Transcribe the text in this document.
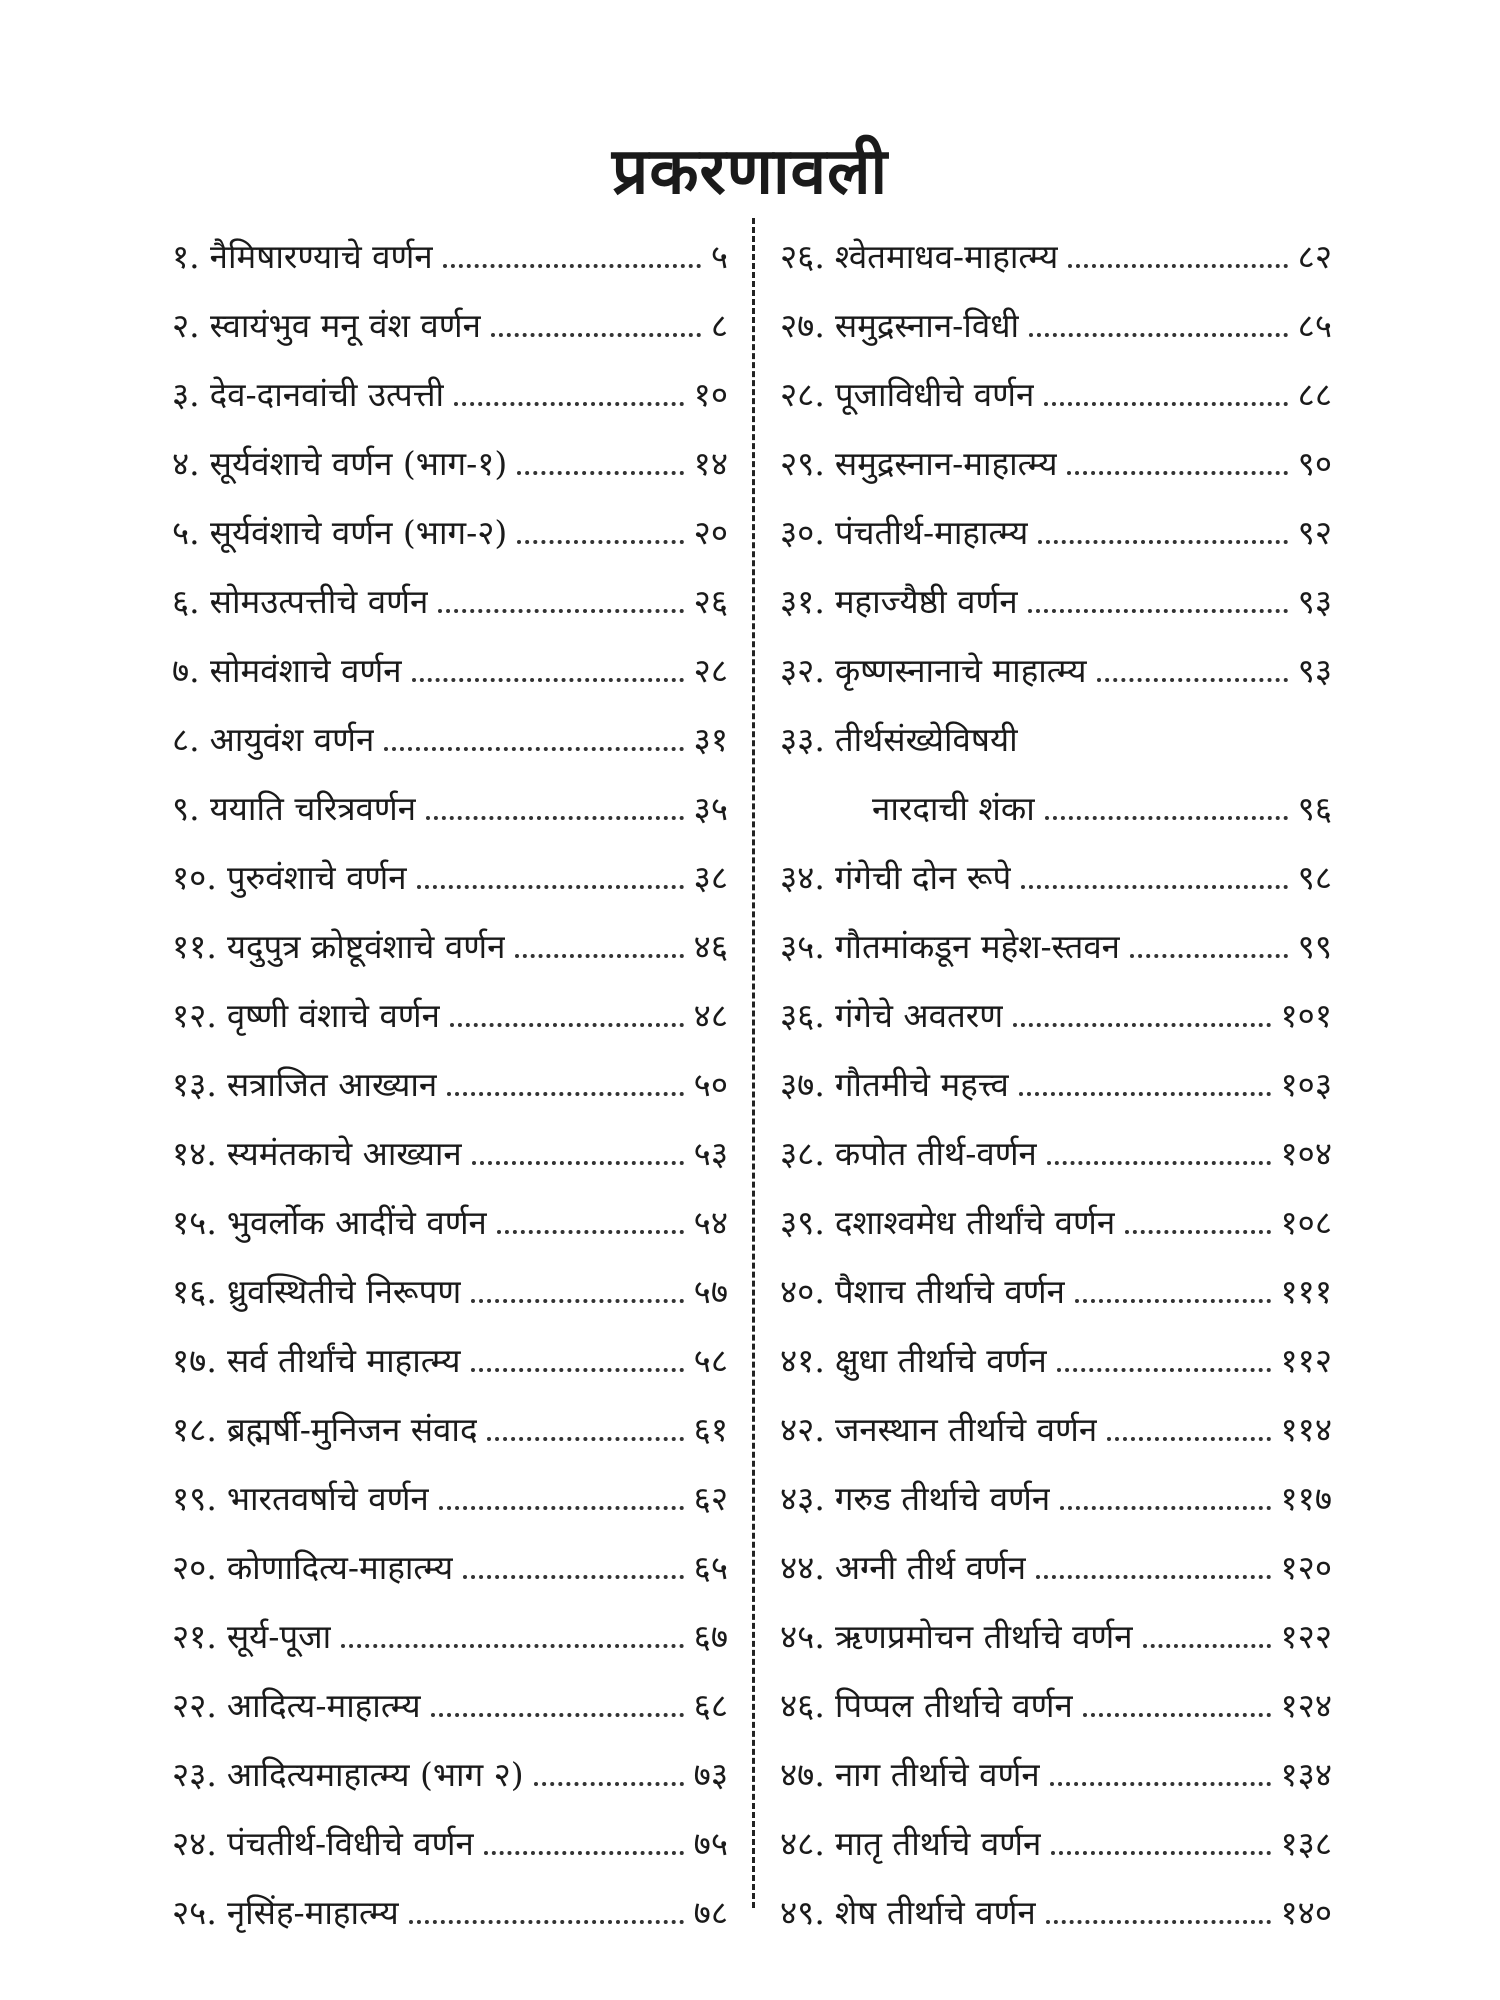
प्रकरणावली
१. नैमिषारण्याचे वर्णन	५
२. स्वायंभुव मनू वंश वर्णन	८
३. देव-दानवांची उत्पत्ती	१०
४. सूर्यवंशाचे वर्णन (भाग-१)	१४
५. सूर्यवंशाचे वर्णन (भाग-२)	२०
६. सोमउत्पत्तीचे वर्णन	२६
७. सोमवंशाचे वर्णन	२८
८. आयुवंश वर्णन	३१
९. ययाति चरित्रवर्णन	३५
१०. पुरुवंशाचे वर्णन	३८
११. यदुपुत्र क्रोष्टूवंशाचे वर्णन	४६
१२. वृष्णी वंशाचे वर्णन	४८
१३. सत्राजित आख्यान	५०
१४. स्यमंतकाचे आख्यान	५३
१५. भुवर्लोक आदींचे वर्णन	५४
१६. ध्रुवस्थितीचे निरूपण	५७
१७. सर्व तीर्थांचे माहात्म्य	५८
१८. ब्रह्मर्षी-मुनिजन संवाद	६१
१९. भारतवर्षाचे वर्णन	६२
२०. कोणादित्य-माहात्म्य	६५
२१. सूर्य-पूजा	६७
२२. आदित्य-माहात्म्य	६८
२३. आदित्यमाहात्म्य (भाग २)	७३
२४. पंचतीर्थ-विधीचे वर्णन	७५
२५. नृसिंह-माहात्म्य	७८
२६. श्वेतमाधव-माहात्म्य	८२
२७. समुद्रस्नान-विधी	८५
२८. पूजाविधीचे वर्णन	८८
२९. समुद्रस्नान-माहात्म्य	९०
३०. पंचतीर्थ-माहात्म्य	९२
३१. महाज्यैष्ठी वर्णन	९३
३२. कृष्णस्नानाचे माहात्म्य	९३
३३. तीर्थसंख्येविषयी
नारदाची शंका	९६
३४. गंगेची दोन रूपे	९८
३५. गौतमांकडून महेश-स्तवन	९९
३६. गंगेचे अवतरण	१०१
३७. गौतमीचे महत्त्व	१०३
३८. कपोत तीर्थ-वर्णन	१०४
३९. दशाश्वमेध तीर्थांचे वर्णन	१०८
४०. पैशाच तीर्थाचे वर्णन	१११
४१. क्षुधा तीर्थाचे वर्णन	११२
४२. जनस्थान तीर्थाचे वर्णन	११४
४३. गरुड तीर्थाचे वर्णन	११७
४४. अग्नी तीर्थ वर्णन	१२०
४५. ऋणप्रमोचन तीर्थाचे वर्णन	१२२
४६. पिप्पल तीर्थाचे वर्णन	१२४
४७. नाग तीर्थाचे वर्णन	१३४
४८. मातृ तीर्थाचे वर्णन	१३८
४९. शेष तीर्थाचे वर्णन	१४०
